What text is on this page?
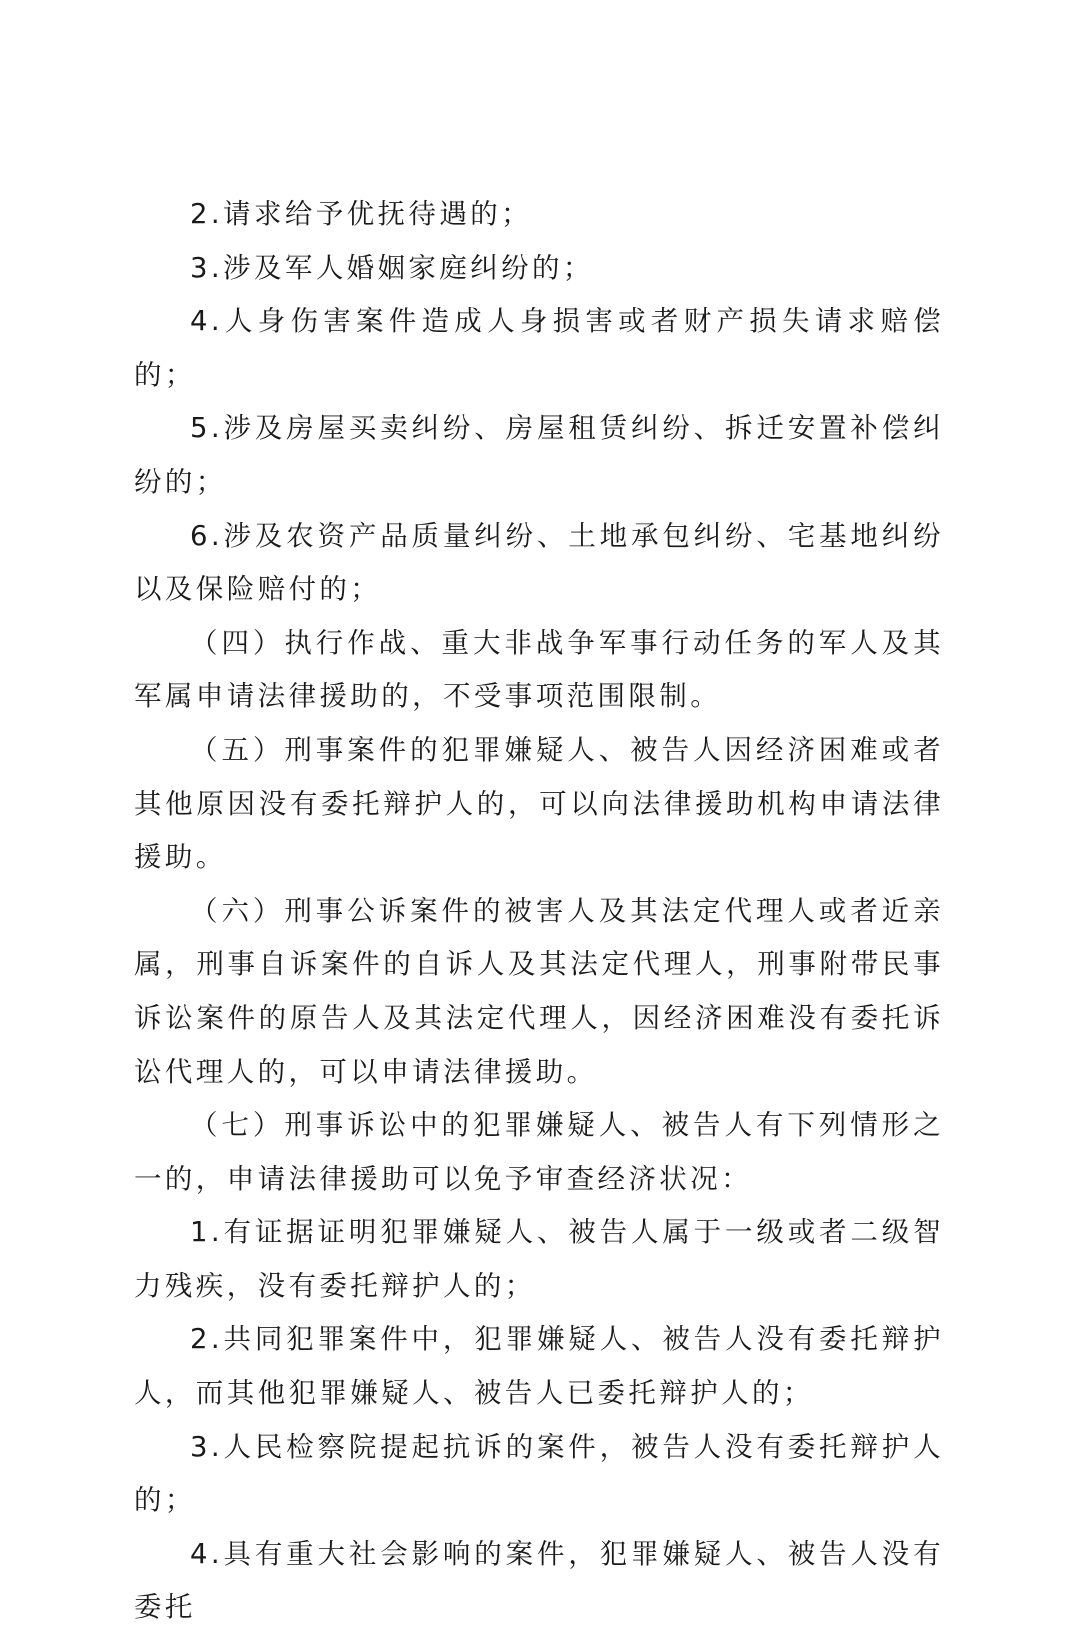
2.请求给予优抚待遇的；

3.涉及军人婚姻家庭纠纷的；

4.人身伤害案件造成人身损害或者财产损失请求赔偿的；

5.涉及房屋买卖纠纷、房屋租赁纠纷、拆迁安置补偿纠纷的；

6.涉及农资产品质量纠纷、土地承包纠纷、宅基地纠纷以及保险赔付的；

（四）执行作战、重大非战争军事行动任务的军人及其军属申请法律援助的，不受事项范围限制。

（五）刑事案件的犯罪嫌疑人、被告人因经济困难或者其他原因没有委托辩护人的，可以向法律援助机构申请法律援助。

（六）刑事公诉案件的被害人及其法定代理人或者近亲属，刑事自诉案件的自诉人及其法定代理人，刑事附带民事诉讼案件的原告人及其法定代理人，因经济困难没有委托诉讼代理人的，可以申请法律援助。

（七）刑事诉讼中的犯罪嫌疑人、被告人有下列情形之一的，申请法律援助可以免予审查经济状况：

1.有证据证明犯罪嫌疑人、被告人属于一级或者二级智力残疾，没有委托辩护人的；

2.共同犯罪案件中，犯罪嫌疑人、被告人没有委托辩护人，而其他犯罪嫌疑人、被告人已委托辩护人的；

3.人民检察院提起抗诉的案件，被告人没有委托辩护人的；

4.具有重大社会影响的案件，犯罪嫌疑人、被告人没有委托
